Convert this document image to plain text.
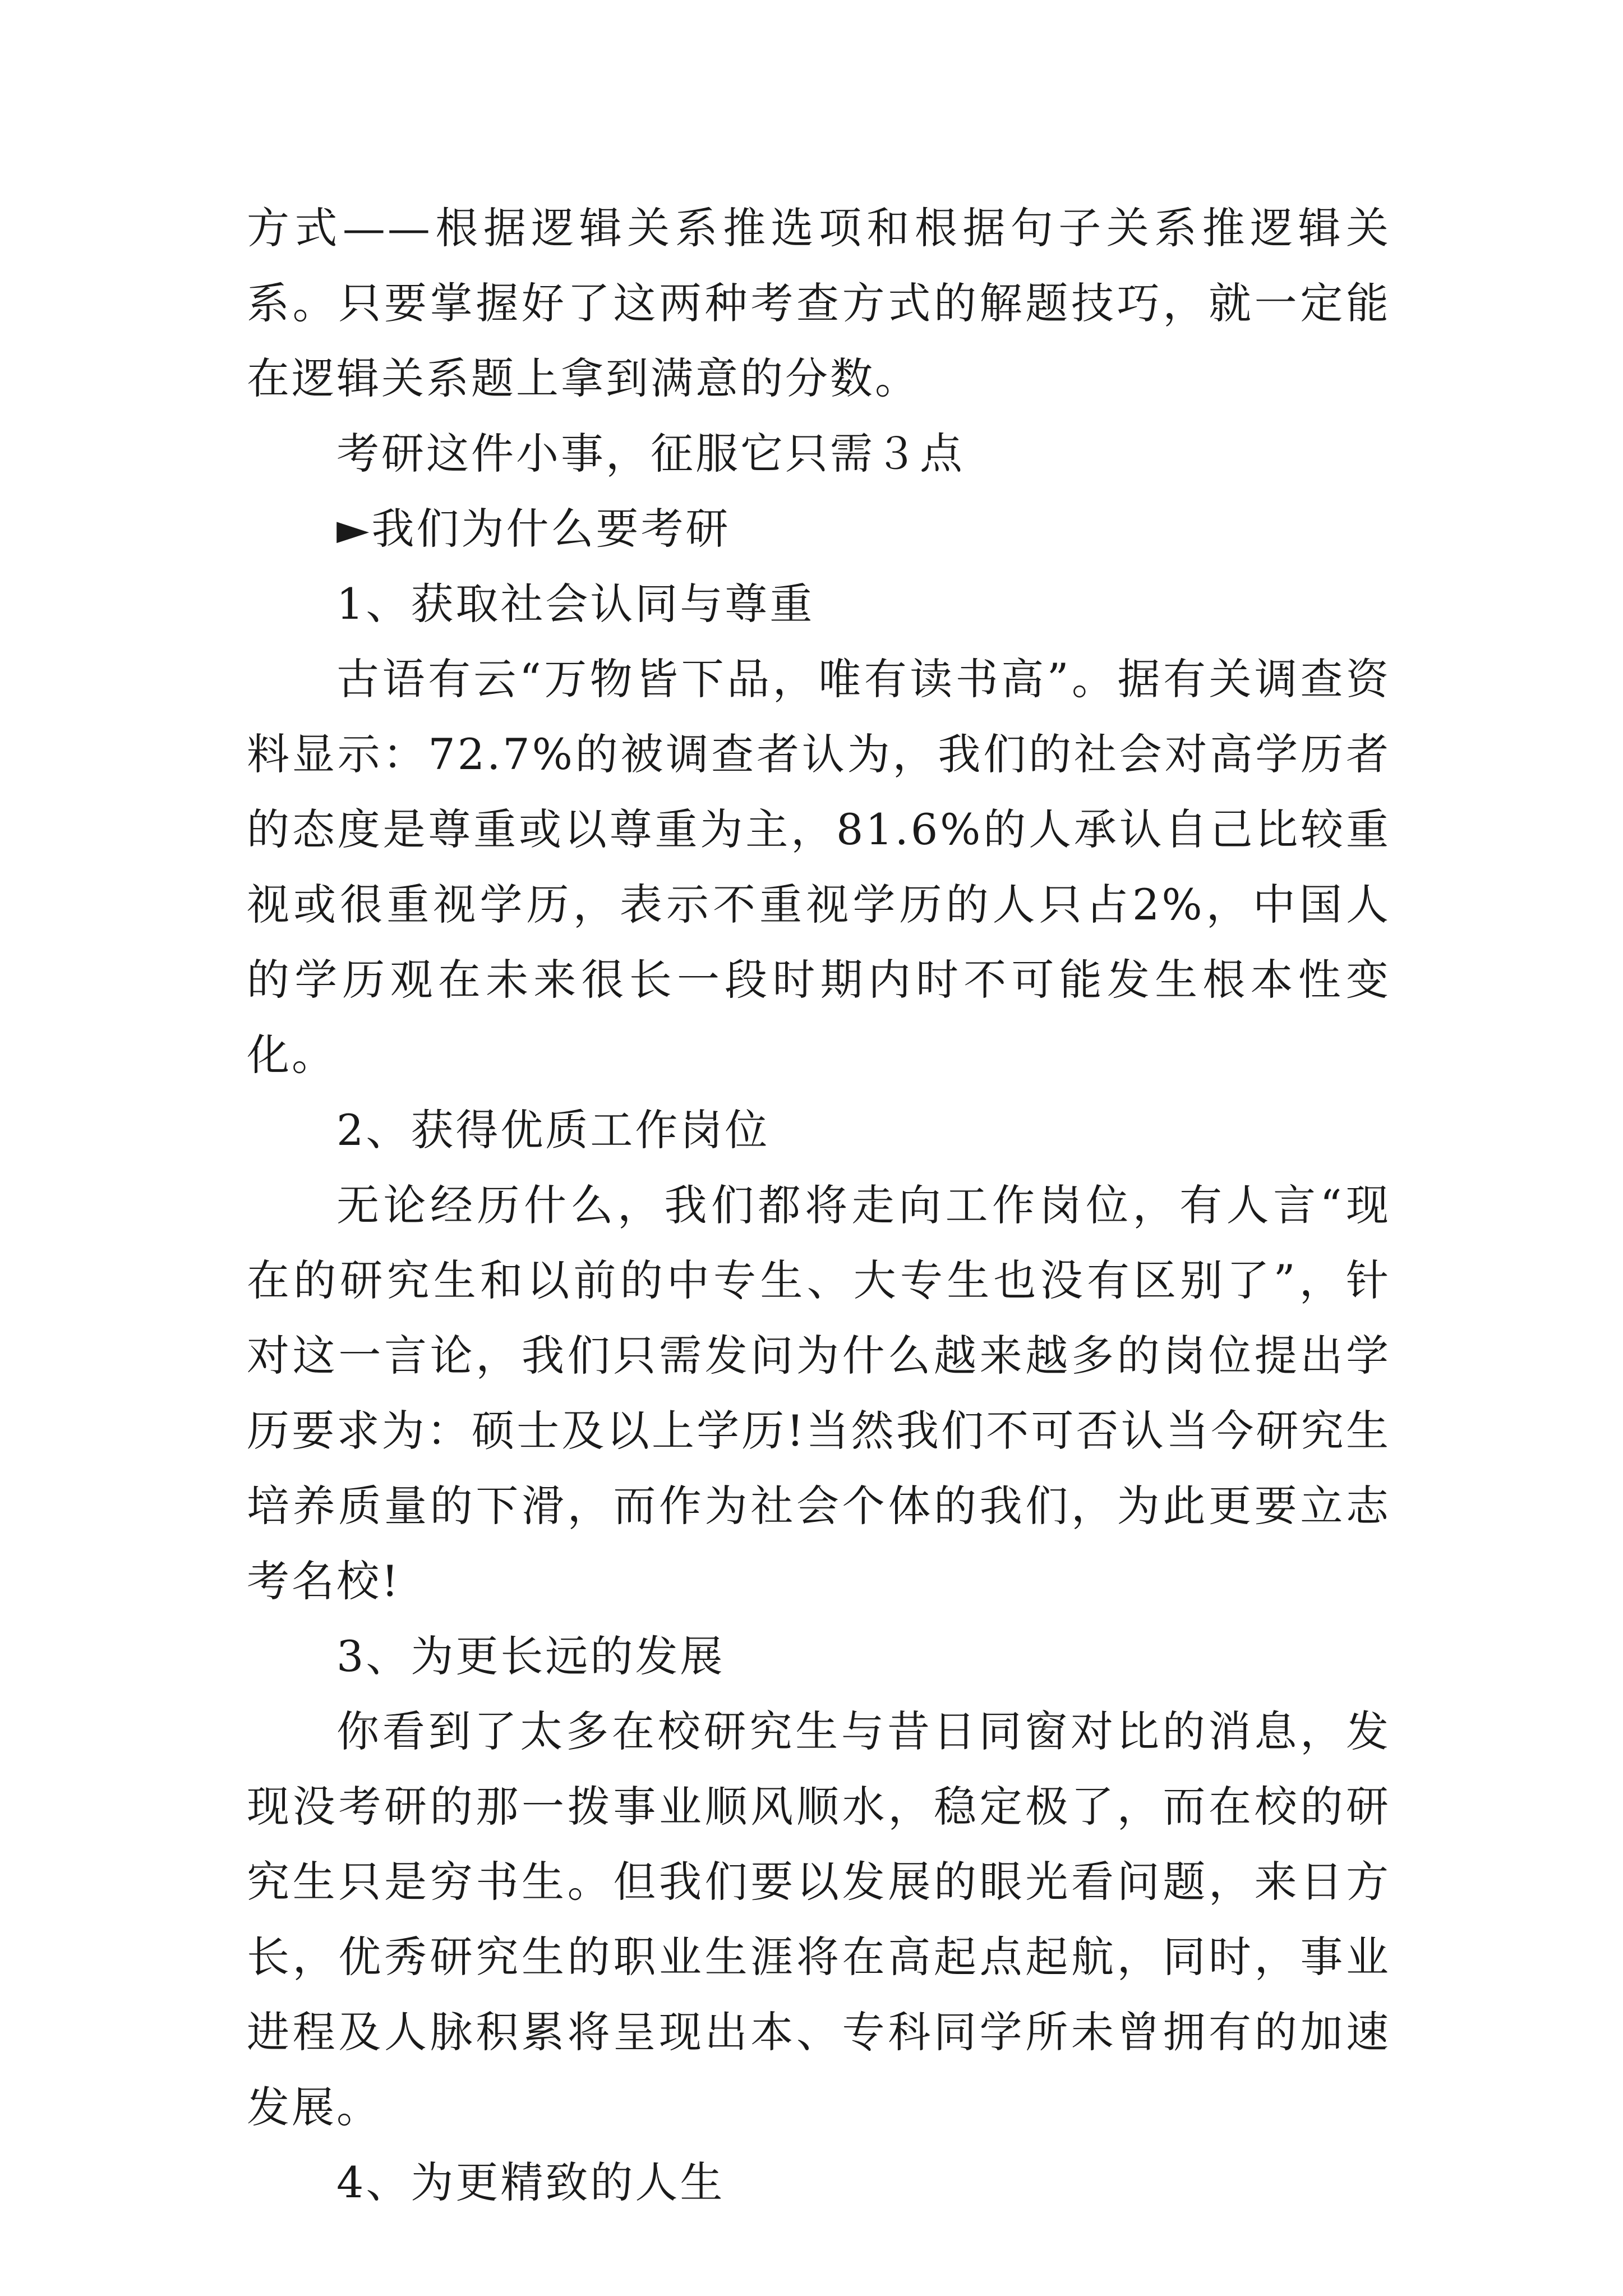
方式——根据逻辑关系推选项和根据句子关系推逻辑关系。只要掌握好了这两种考查方式的解题技巧，就一定能在逻辑关系题上拿到满意的分数。

考研这件小事，征服它只需３点

►我们为什么要考研

1、获取社会认同与尊重

古语有云“万物皆下品，唯有读书高”。据有关调查资料显示：72.7%的被调查者认为，我们的社会对高学历者的态度是尊重或以尊重为主，81.6%的人承认自己比较重视或很重视学历，表示不重视学历的人只占2%，中国人的学历观在未来很长一段时期内时不可能发生根本性变化。

2、获得优质工作岗位

无论经历什么，我们都将走向工作岗位，有人言“现在的研究生和以前的中专生、大专生也没有区别了”，针对这一言论，我们只需发问为什么越来越多的岗位提出学历要求为：硕士及以上学历!当然我们不可否认当今研究生培养质量的下滑，而作为社会个体的我们，为此更要立志考名校!

3、为更长远的发展

你看到了太多在校研究生与昔日同窗对比的消息，发现没考研的那一拨事业顺风顺水，稳定极了，而在校的研究生只是穷书生。但我们要以发展的眼光看问题，来日方长，优秀研究生的职业生涯将在高起点起航，同时，事业进程及人脉积累将呈现出本、专科同学所未曾拥有的加速发展。

4、为更精致的人生
